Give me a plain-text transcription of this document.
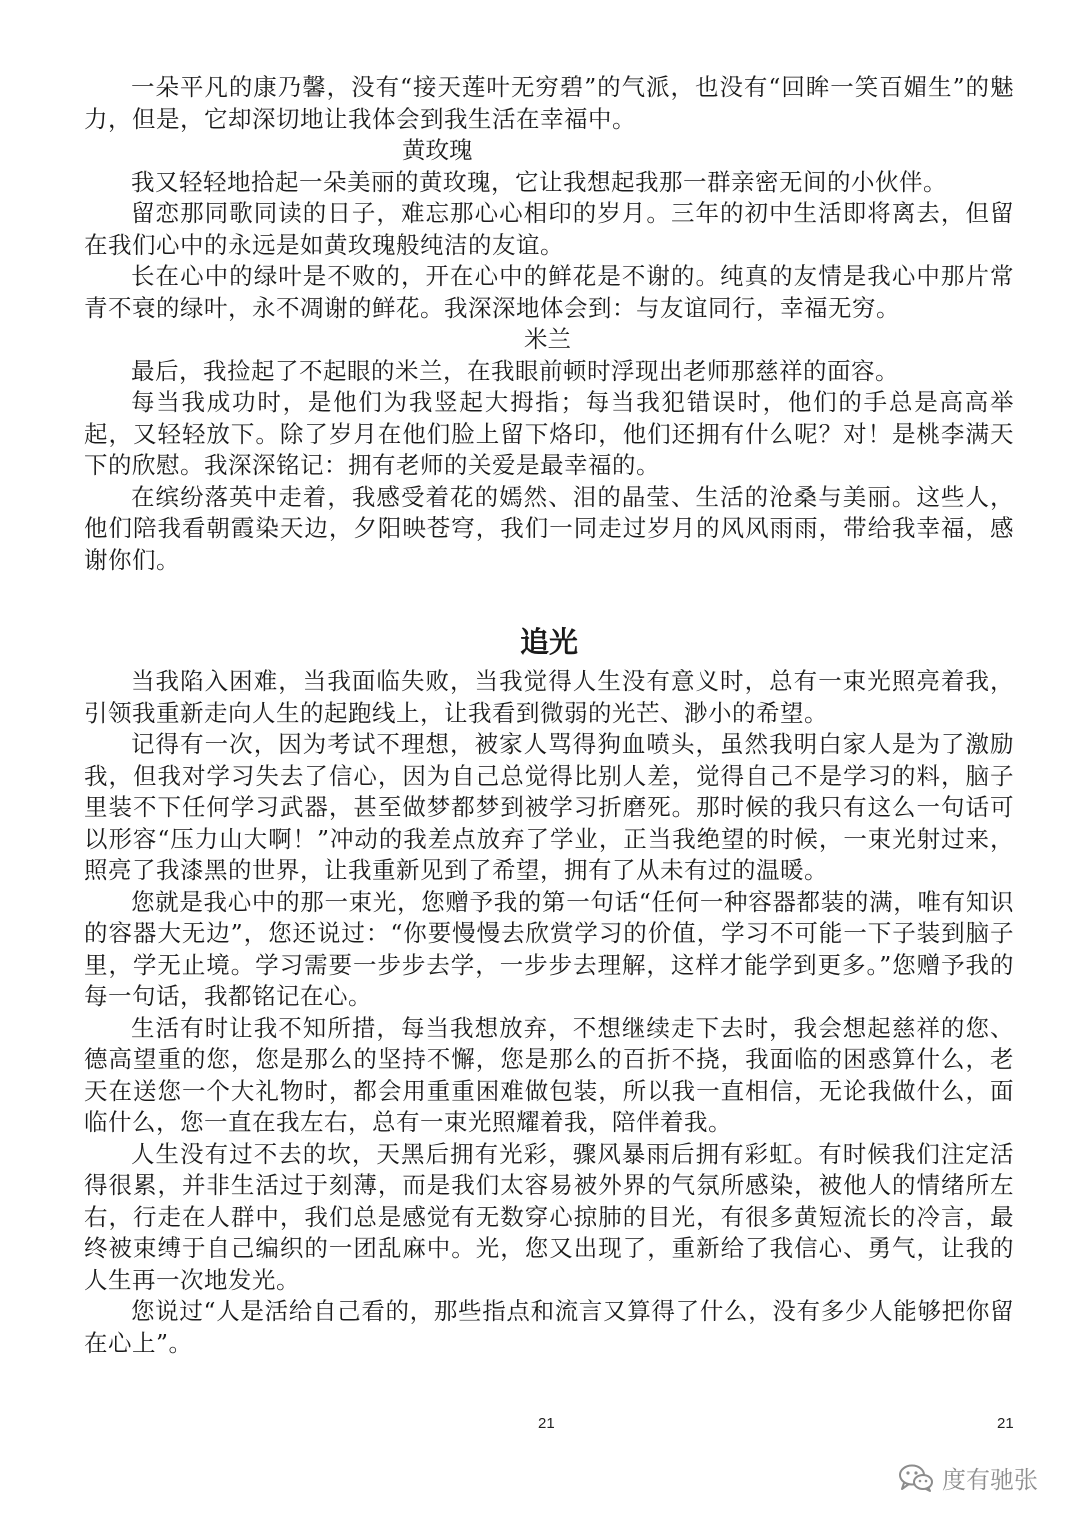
一朵平凡的康乃馨，没有“接天莲叶无穷碧”的气派，也没有“回眸一笑百媚生”的魅力，但是，它却深切地让我体会到我生活在幸福中。

黄玫瑰

我又轻轻地拾起一朵美丽的黄玫瑰，它让我想起我那一群亲密无间的小伙伴。

留恋那同歌同读的日子，难忘那心心相印的岁月。三年的初中生活即将离去，但留在我们心中的永远是如黄玫瑰般纯洁的友谊。

长在心中的绿叶是不败的，开在心中的鲜花是不谢的。纯真的友情是我心中那片常青不衰的绿叶，永不凋谢的鲜花。我深深地体会到：与友谊同行，幸福无穷。

米兰

最后，我捡起了不起眼的米兰，在我眼前顿时浮现出老师那慈祥的面容。

每当我成功时，是他们为我竖起大拇指；每当我犯错误时，他们的手总是高高举起，又轻轻放下。除了岁月在他们脸上留下烙印，他们还拥有什么呢？对！是桃李满天下的欣慰。我深深铭记：拥有老师的关爱是最幸福的。

在缤纷落英中走着，我感受着花的嫣然、泪的晶莹、生活的沧桑与美丽。这些人，他们陪我看朝霞染天边，夕阳映苍穹，我们一同走过岁月的风风雨雨，带给我幸福，感谢你们。

追光

当我陷入困难，当我面临失败，当我觉得人生没有意义时，总有一束光照亮着我，引领我重新走向人生的起跑线上，让我看到微弱的光芒、渺小的希望。

记得有一次，因为考试不理想，被家人骂得狗血喷头，虽然我明白家人是为了激励我，但我对学习失去了信心，因为自己总觉得比别人差，觉得自己不是学习的料，脑子里装不下任何学习武器，甚至做梦都梦到被学习折磨死。那时候的我只有这么一句话可以形容“压力山大啊！”冲动的我差点放弃了学业，正当我绝望的时候，一束光射过来，照亮了我漆黑的世界，让我重新见到了希望，拥有了从未有过的温暖。

您就是我心中的那一束光，您赠予我的第一句话“任何一种容器都装的满，唯有知识的容器大无边”，您还说过：“你要慢慢去欣赏学习的价值，学习不可能一下子装到脑子里，学无止境。学习需要一步步去学，一步步去理解，这样才能学到更多。”您赠予我的每一句话，我都铭记在心。

生活有时让我不知所措，每当我想放弃，不想继续走下去时，我会想起慈祥的您、德高望重的您，您是那么的坚持不懈，您是那么的百折不挠，我面临的困惑算什么，老天在送您一个大礼物时，都会用重重困难做包装，所以我一直相信，无论我做什么，面临什么，您一直在我左右，总有一束光照耀着我，陪伴着我。

人生没有过不去的坎，天黑后拥有光彩，骤风暴雨后拥有彩虹。有时候我们注定活得很累，并非生活过于刻薄，而是我们太容易被外界的气氛所感染，被他人的情绪所左右，行走在人群中，我们总是感觉有无数穿心掠肺的目光，有很多黄短流长的冷言，最终被束缚于自己编织的一团乱麻中。光，您又出现了，重新给了我信心、勇气，让我的人生再一次地发光。

您说过“人是活给自己看的，那些指点和流言又算得了什么，没有多少人能够把你留在心上”。

21	21
度有驰张
